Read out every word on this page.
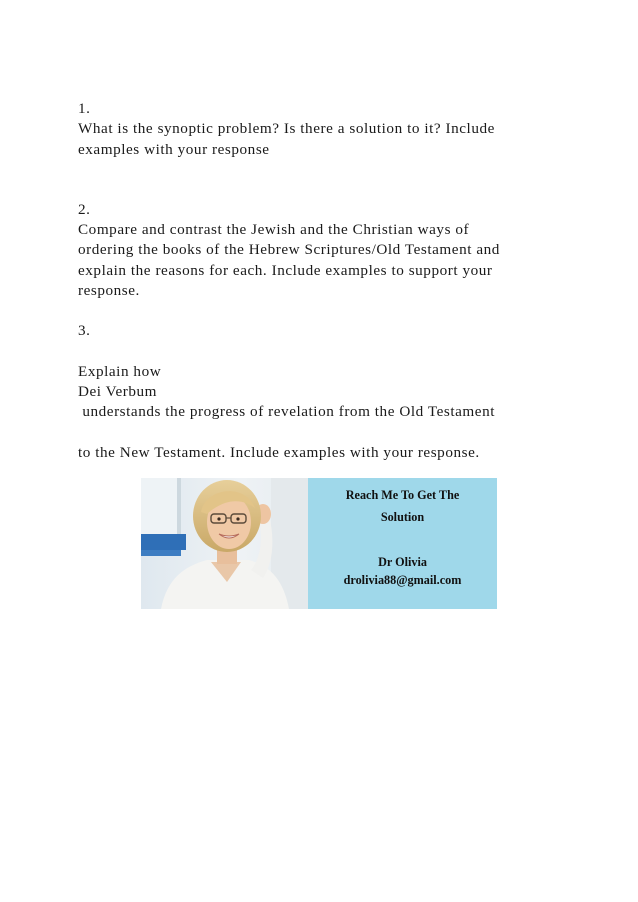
1.
What is the synoptic problem? Is there a solution to it? Include
examples with your response
2.
Compare and contrast the Jewish and the Christian ways of
ordering the books of the Hebrew Scriptures/Old Testament and
explain the reasons for each. Include examples to support your
response.
3.
Explain how
Dei Verbum
understands the progress of revelation from the Old Testament
to the New Testament. Include examples with your response.
Reach Me To Get The
Solution
Dr Olivia
drolivia88@gmail.com
